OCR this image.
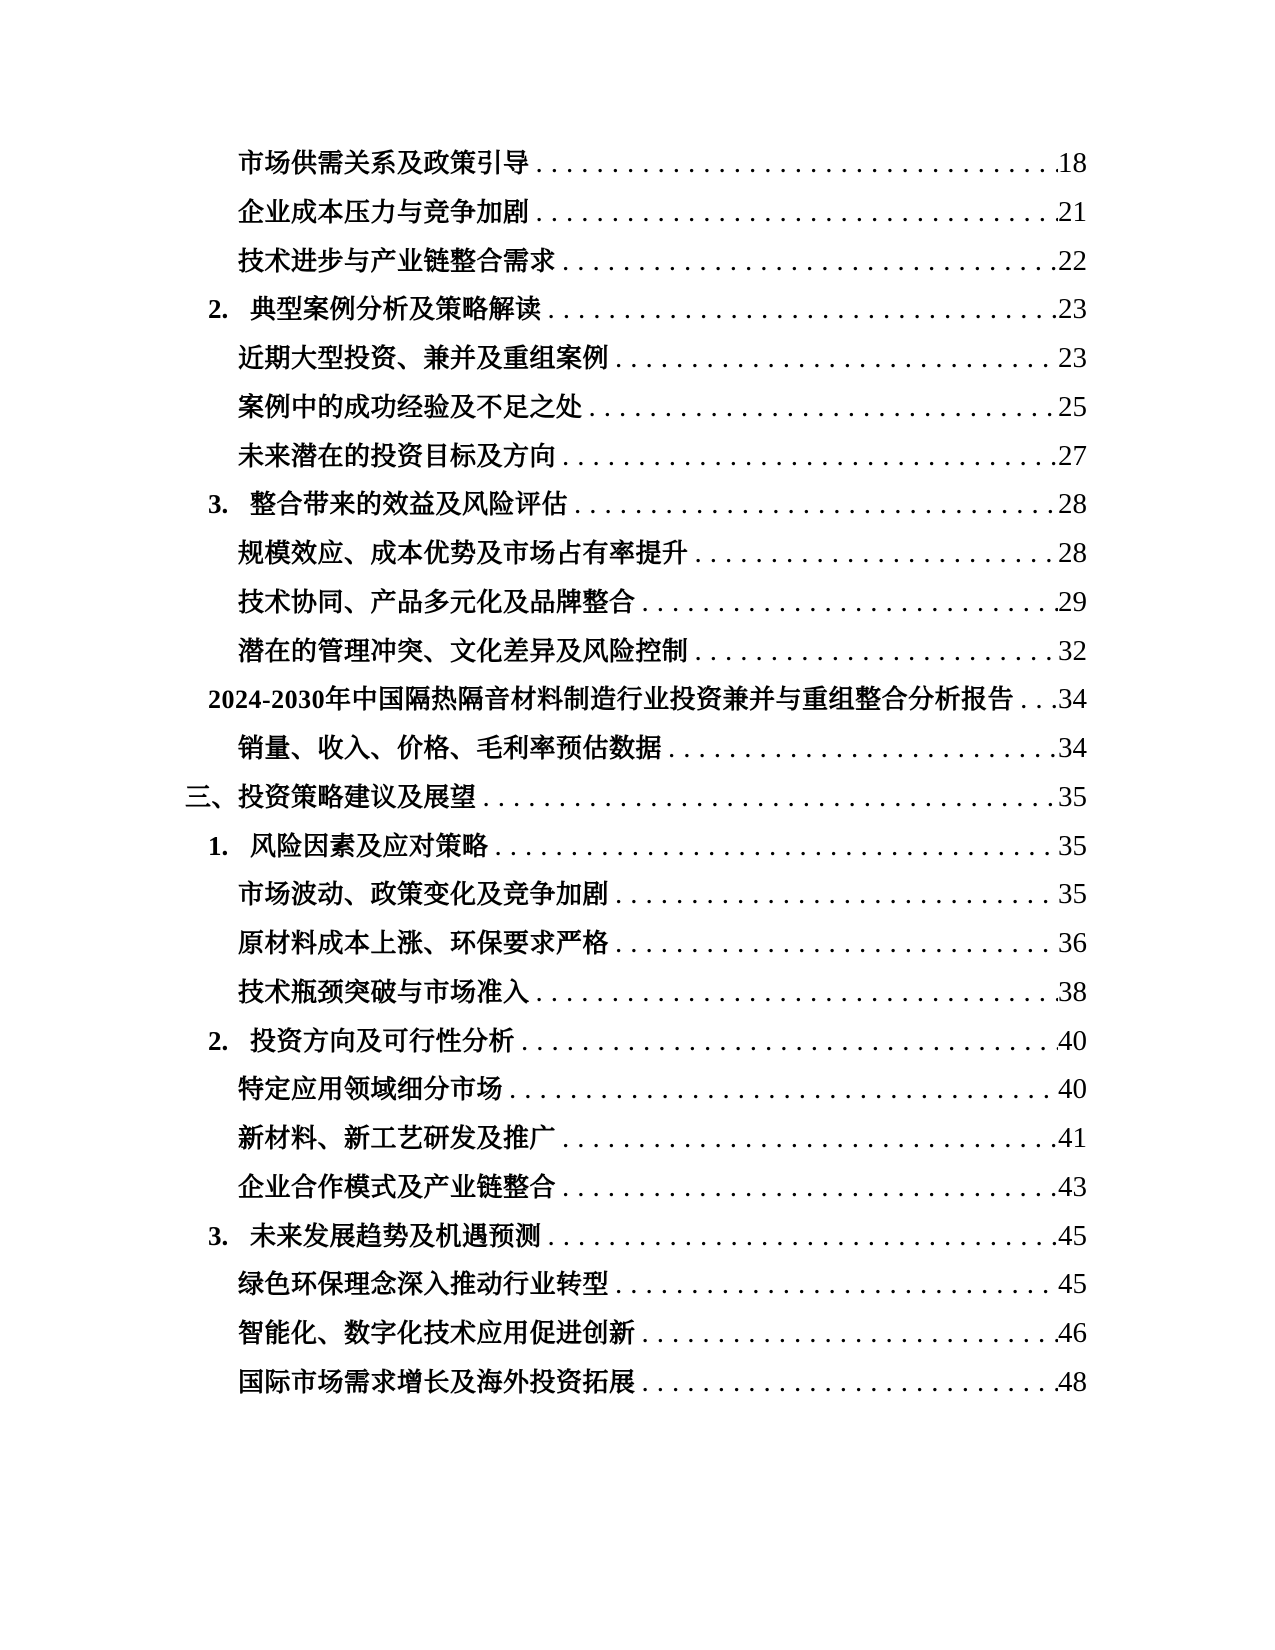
市场供需关系及政策引导 .....	18
企业成本压力与竞争加剧 .....	21
技术进步与产业链整合需求 .....	22
2. 典型案例分析及策略解读 .....	23
近期大型投资、兼并及重组案例 .....	23
案例中的成功经验及不足之处 .....	25
未来潜在的投资目标及方向 .....	27
3. 整合带来的效益及风险评估 .....	28
规模效应、成本优势及市场占有率提升 .....	28
技术协同、产品多元化及品牌整合 .....	29
潜在的管理冲突、文化差异及风险控制 .....	32
2024-2030年中国隔热隔音材料制造行业投资兼并与重组整合分析报告 ..... 34
销量、收入、价格、毛利率预估数据 .....	34
三、投资策略建议及展望 .....	35
1. 风险因素及应对策略 .....	35
市场波动、政策变化及竞争加剧 .....	35
原材料成本上涨、环保要求严格 .....	36
技术瓶颈突破与市场准入 .....	38
2. 投资方向及可行性分析 .....	40
特定应用领域细分市场 .....	40
新材料、新工艺研发及推广 .....	41
企业合作模式及产业链整合 .....	43
3. 未来发展趋势及机遇预测 .....	45
绿色环保理念深入推动行业转型 .....	45
智能化、数字化技术应用促进创新 .....	46
国际市场需求增长及海外投资拓展 .....	48
